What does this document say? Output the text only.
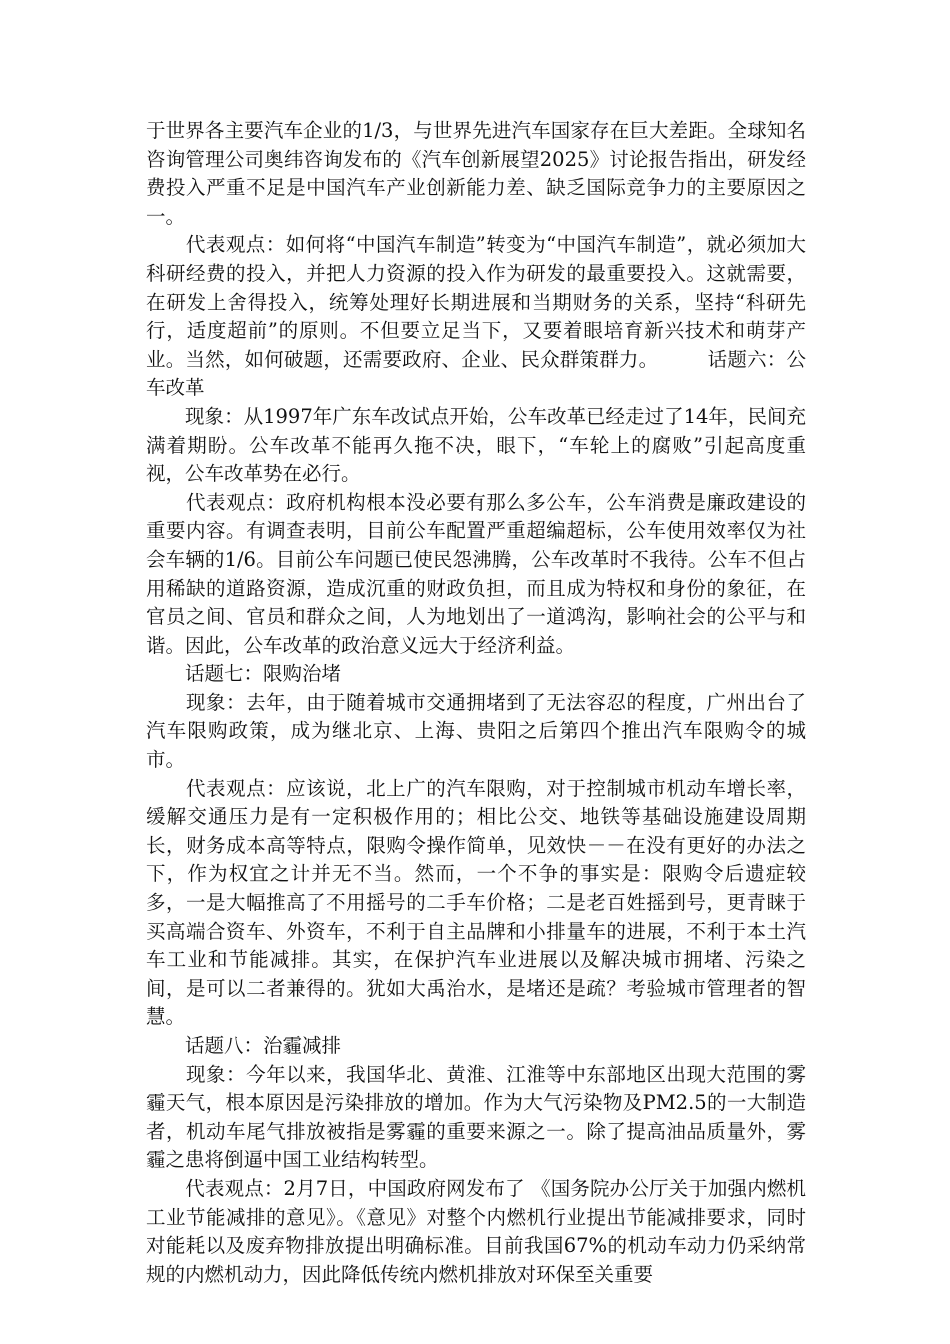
于世界各主要汽车企业的1/3，与世界先进汽车国家存在巨大差距。全球知名咨询管理公司奥纬咨询发布的《汽车创新展望2025》讨论报告指出，研发经费投入严重不足是中国汽车产业创新能力差、缺乏国际竞争力的主要原因之一。

　　代表观点：如何将“中国汽车制造”转变为“中国汽车制造”，就必须加大科研经费的投入，并把人力资源的投入作为研发的最重要投入。这就需要，在研发上舍得投入，统筹处理好长期进展和当期财务的关系，坚持“科研先行，适度超前”的原则。不但要立足当下，又要着眼培育新兴技术和萌芽产业。当然，如何破题，还需要政府、企业、民众群策群力。　　　话题六：公车改革

　　现象：从1997年广东车改试点开始，公车改革已经走过了14年，民间充满着期盼。公车改革不能再久拖不决，眼下，“车轮上的腐败”引起高度重视，公车改革势在必行。

　　代表观点：政府机构根本没必要有那么多公车，公车消费是廉政建设的重要内容。有调查表明，目前公车配置严重超编超标，公车使用效率仅为社会车辆的1/6。目前公车问题已使民怨沸腾，公车改革时不我待。公车不但占用稀缺的道路资源，造成沉重的财政负担，而且成为特权和身份的象征，在官员之间、官员和群众之间，人为地划出了一道鸿沟，影响社会的公平与和谐。因此，公车改革的政治意义远大于经济利益。

　　话题七：限购治堵

　　现象：去年，由于随着城市交通拥堵到了无法容忍的程度，广州出台了汽车限购政策，成为继北京、上海、贵阳之后第四个推出汽车限购令的城市。

　　代表观点：应该说，北上广的汽车限购，对于控制城市机动车增长率，缓解交通压力是有一定积极作用的；相比公交、地铁等基础设施建设周期长，财务成本高等特点，限购令操作简单，见效快－－在没有更好的办法之下，作为权宜之计并无不当。然而，一个不争的事实是：限购令后遗症较多，一是大幅推高了不用摇号的二手车价格；二是老百姓摇到号，更青睐于买高端合资车、外资车，不利于自主品牌和小排量车的进展，不利于本土汽车工业和节能减排。其实，在保护汽车业进展以及解决城市拥堵、污染之间，是可以二者兼得的。犹如大禹治水，是堵还是疏？考验城市管理者的智慧。

　　话题八：治霾减排

　　现象：今年以来，我国华北、黄淮、江淮等中东部地区出现大范围的雾霾天气，根本原因是污染排放的增加。作为大气污染物及PM2.5的一大制造者，机动车尾气排放被指是雾霾的重要来源之一。除了提高油品质量外，雾霾之患将倒逼中国工业结构转型。

　　代表观点：2月7日，中国政府网发布了 《国务院办公厅关于加强内燃机工业节能减排的意见》。《意见》对整个内燃机行业提出节能减排要求，同时对能耗以及废弃物排放提出明确标准。目前我国67%的机动车动力仍采纳常规的内燃机动力，因此降低传统内燃机排放对环保至关重要
